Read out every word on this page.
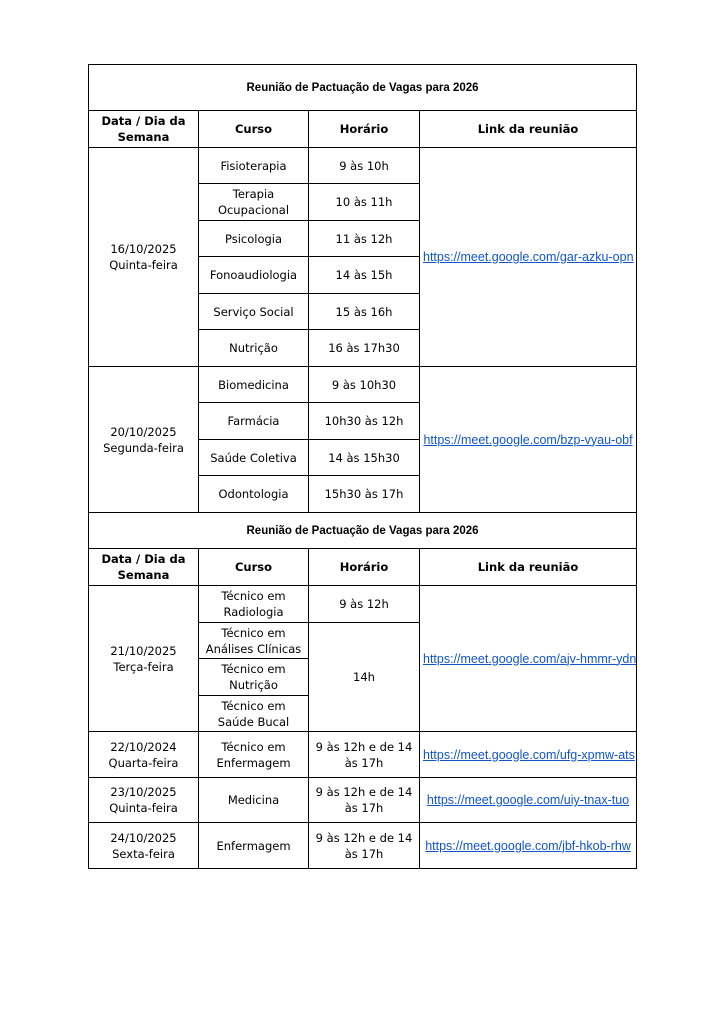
Reunião de Pactuação de Vagas para 2026			
Data / Dia da Semana	Curso	Horário	Link da reunião

16/10/2025
Quinta-feira	Fisioterapia	9 às 10h	https://meet.google.com/gar-azku-opn
	Terapia Ocupacional	10 às 11h	
	Psicologia	11 às 12h	
	Fonoaudiologia	14 às 15h	
	Serviço Social	15 às 16h	
	Nutrição	16 às 17h30	

20/10/2025
Segunda-feira	Biomedicina	9 às 10h30	https://meet.google.com/bzp-vyau-obf
	Farmácia	10h30 às 12h	
	Saúde Coletiva	14 às 15h30	
	Odontologia	15h30 às 17h	
Reunião de Pactuação de Vagas para 2026			
Data / Dia da Semana	Curso	Horário	Link da reunião

21/10/2025
Terça-feira	Técnico em Radiologia	9 às 12h	https://meet.google.com/ajv-hmmr-ydn
	Técnico em Análises Clínicas	14h	
	Técnico em Nutrição		
	Técnico em Saúde Bucal		

22/10/2024
Quarta-feira	Técnico em Enfermagem	9 às 12h e de 14 às 17h	https://meet.google.com/ufg-xpmw-ats

23/10/2025
Quinta-feira	Medicina	9 às 12h e de 14 às 17h	https://meet.google.com/uiy-tnax-tuo

24/10/2025
Sexta-feira	Enfermagem	9 às 12h e de 14 às 17h	https://meet.google.com/jbf-hkob-rhw
